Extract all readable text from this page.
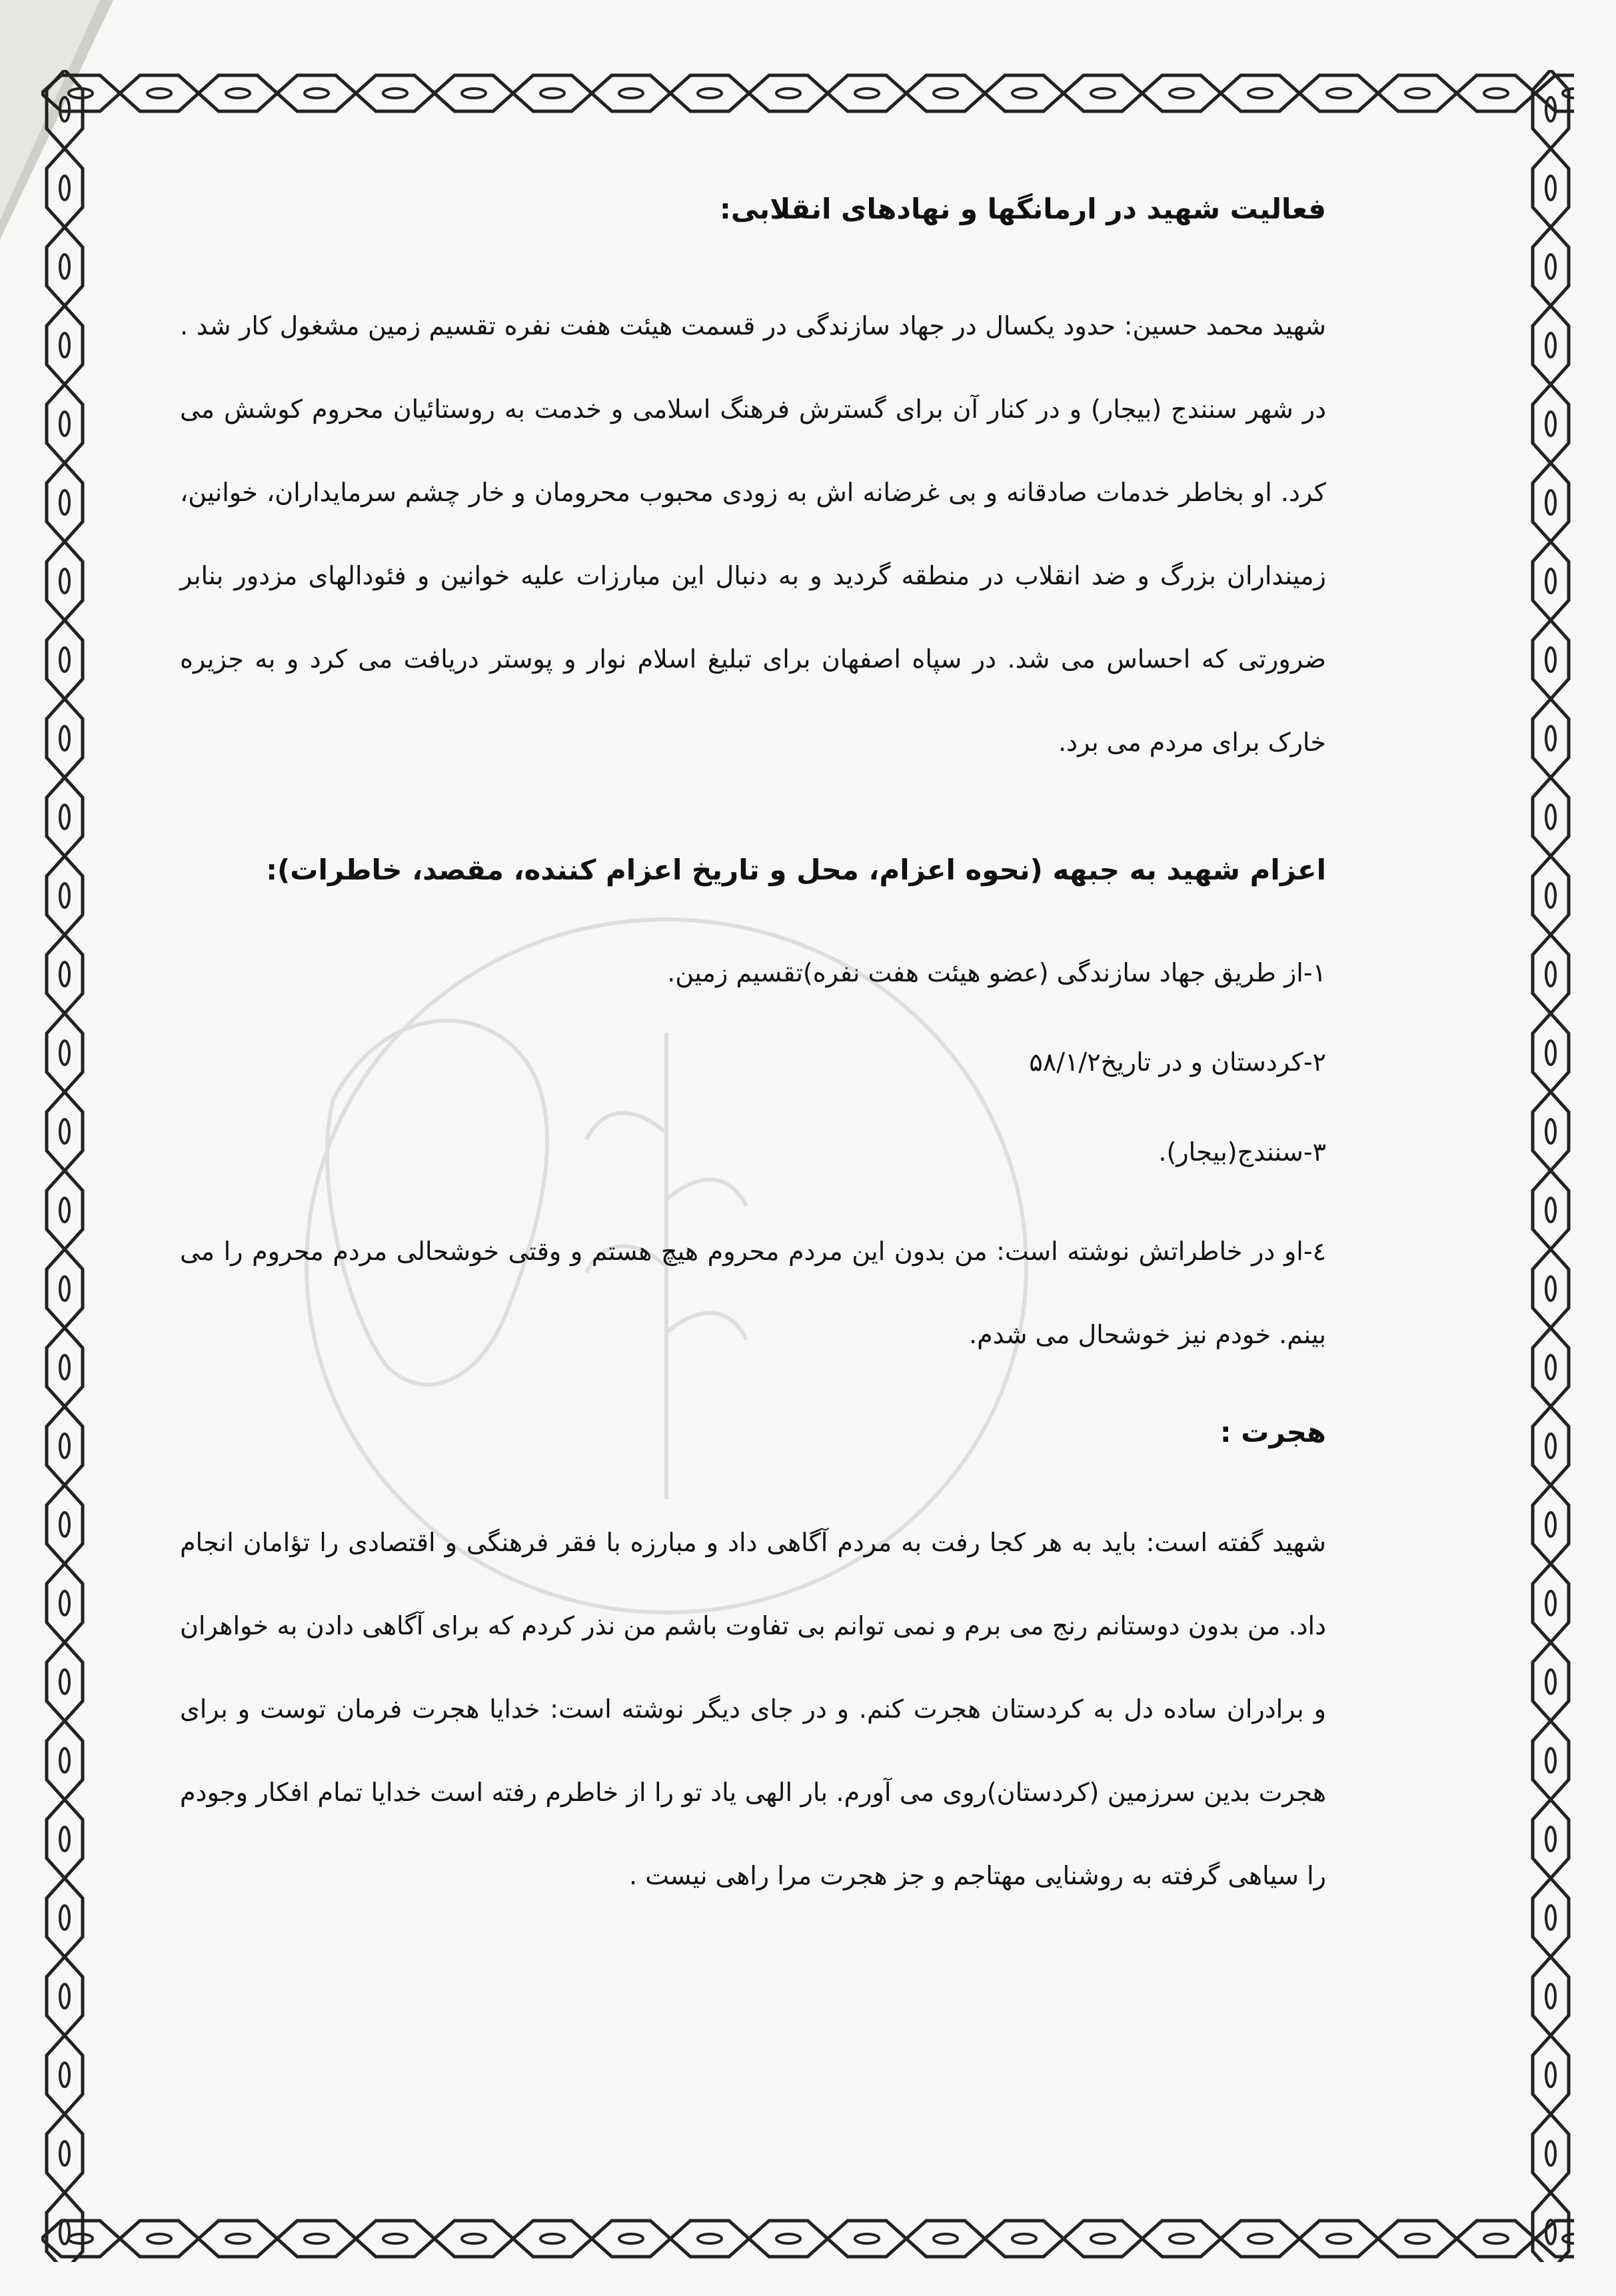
فعالیت شهید در ارمانگها و نهادهای انقلابی:

شهید محمد حسین: حدود یکسال در جهاد سازندگی در قسمت هیئت هفت نفره تقسیم زمین مشغول کار شد . در شهر سنندج (بیجار) و در کنار آن برای گسترش فرهنگ اسلامی و خدمت به روستائیان محروم کوشش می کرد. او بخاطر خدمات صادقانه و بی غرضانه اش به زودی محبوب محرومان و خار چشم سرمایداران، خوانین، زمینداران بزرگ و ضد انقلاب در منطقه گردید و به دنبال این مبارزات علیه خوانین و فئودالهای مزدور بنابر ضرورتی که احساس می شد. در سپاه اصفهان برای تبلیغ اسلام نوار و پوستر دریافت می کرد و به جزیره خارک برای مردم می برد.

اعزام شهید به جبهه (نحوه اعزام، محل و تاریخ اعزام کننده، مقصد، خاطرات):

۱-از طریق جهاد سازندگی (عضو هیئت هفت نفره)تقسیم زمین.

۲-کردستان و در تاریخ۵۸/۱/۲

۳-سنندج(بیجار).

٤-او در خاطراتش نوشته است: من بدون این مردم محروم هیچ هستم و وقتی خوشحالی مردم محروم را می بینم. خودم نیز خوشحال می شدم.

هجرت :

شهید گفته است: باید به هر کجا رفت به مردم آگاهی داد و مبارزه با فقر فرهنگی و اقتصادی را تؤامان انجام داد. من بدون دوستانم رنج می برم و نمی توانم بی تفاوت باشم من نذر کردم که برای آگاهی دادن به خواهران و برادران ساده دل به کردستان هجرت کنم. و در جای دیگر نوشته است: خدایا هجرت فرمان توست و برای هجرت بدین سرزمین (کردستان)روی می آورم. بار الهی یاد تو را از خاطرم رفته است خدایا تمام افکار وجودم را سیاهی گرفته به روشنایی مهتاجم و جز هجرت مرا راهی نیست .
